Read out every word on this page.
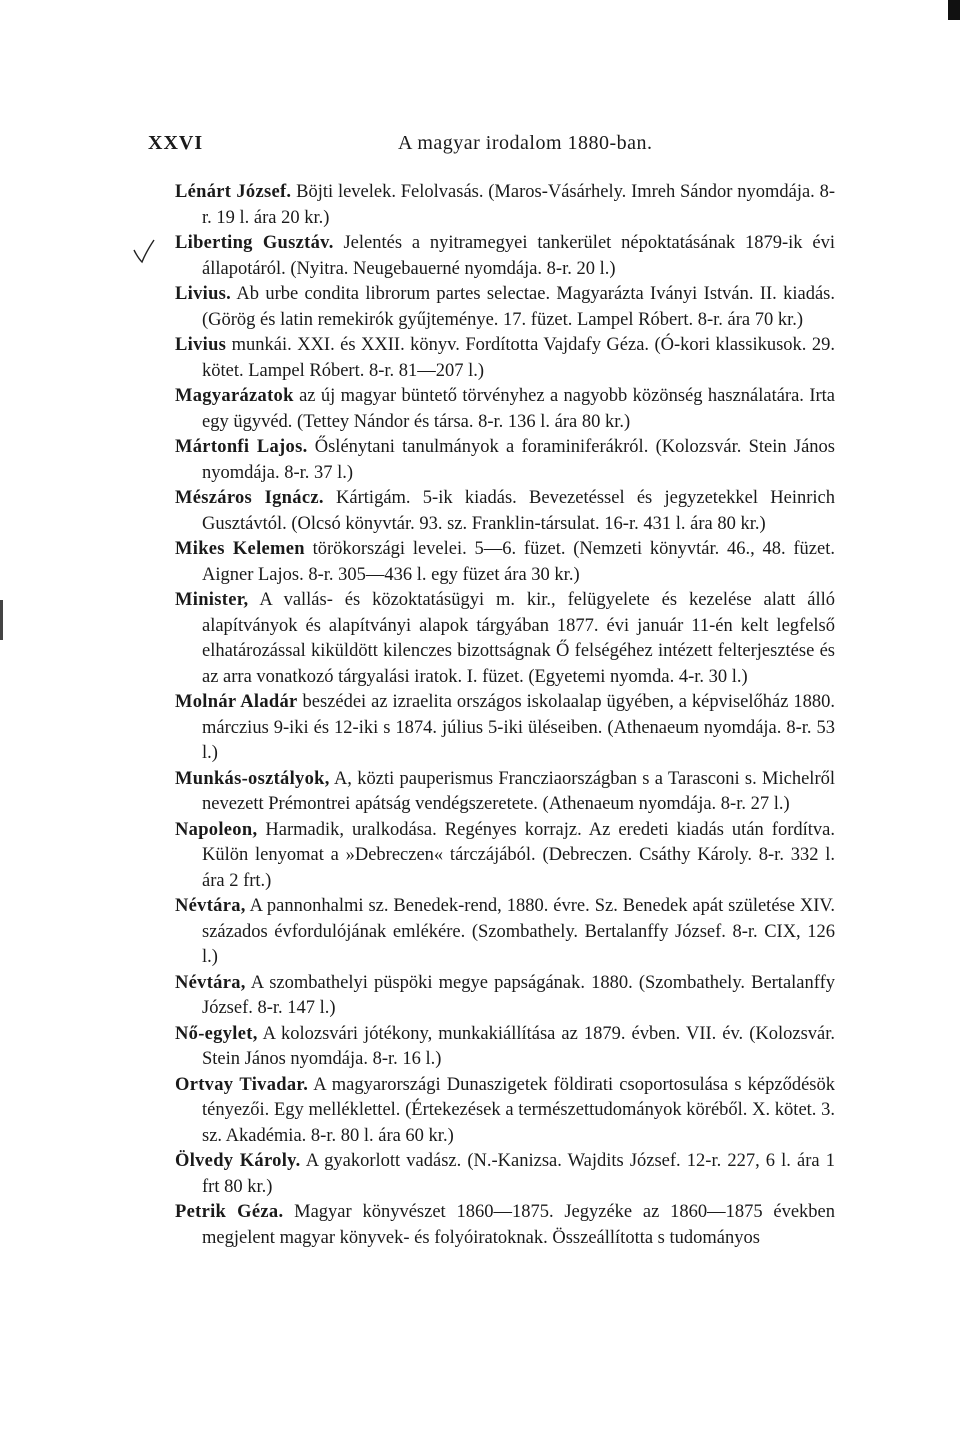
XXVI	A magyar irodalom 1880-ban.

Lénárt József. Böjti levelek. Felolvasás. (Maros-Vásárhely. Imreh Sándor nyomdája. 8-r. 19 l. ára 20 kr.)

Liberting Gusztáv. Jelentés a nyitramegyei tankerület népoktatásának 1879-ik évi állapotáról. (Nyitra. Neugebauerné nyomdája. 8-r. 20 l.)

Livius. Ab urbe condita librorum partes selectae. Magyarázta Iványi István. II. kiadás. (Görög és latin remekirók gyűjteménye. 17. füzet. Lampel Róbert. 8-r. ára 70 kr.)

Livius munkái. XXI. és XXII. könyv. Fordította Vajdafy Géza. (Ó-kori klassikusok. 29. kötet. Lampel Róbert. 8-r. 81—207 l.)

Magyarázatok az új magyar büntető törvényhez a nagyobb közönség használatára. Irta egy ügyvéd. (Tettey Nándor és társa. 8-r. 136 l. ára 80 kr.)

Mártonfi Lajos. Őslénytani tanulmányok a foraminiferákról. (Kolozsvár. Stein János nyomdája. 8-r. 37 l.)

Mészáros Ignácz. Kártigám. 5-ik kiadás. Bevezetéssel és jegyzetekkel Heinrich Gusztávtól. (Olcsó könyvtár. 93. sz. Franklin-társulat. 16-r. 431 l. ára 80 kr.)

Mikes Kelemen törökországi levelei. 5—6. füzet. (Nemzeti könyvtár. 46., 48. füzet. Aigner Lajos. 8-r. 305—436 l. egy füzet ára 30 kr.)

Minister, A vallás- és közoktatásügyi m. kir., felügyelete és kezelése alatt álló alapítványok és alapítványi alapok tárgyában 1877. évi január 11-én kelt legfelső elhatározással kiküldött kilenczes bizottságnak Ő felségéhez intézett felterjesztése és az arra vonatkozó tárgyalási iratok. I. füzet. (Egyetemi nyomda. 4-r. 30 l.)

Molnár Aladár beszédei az izraelita országos iskolaalap ügyében, a képviselőház 1880. márczius 9-iki és 12-iki s 1874. július 5-iki üléseiben. (Athenaeum nyomdája. 8-r. 53 l.)

Munkás-osztályok, A, közti pauperismus Francziaországban s a Tarasconi s. Michelről nevezett Prémontrei apátság vendégszeretete. (Athenaeum nyomdája. 8-r. 27 l.)

Napoleon, Harmadik, uralkodása. Regényes korrajz. Az eredeti kiadás után fordítva. Külön lenyomat a »Debreczen« tárczájából. (Debreczen. Csáthy Károly. 8-r. 332 l. ára 2 frt.)

Névtára, A pannonhalmi sz. Benedek-rend, 1880. évre. Sz. Benedek apát születése XIV. százados évfordulójának emlékére. (Szombathely. Bertalanffy József. 8-r. CIX, 126 l.)

Névtára, A szombathelyi püspöki megye papságának. 1880. (Szombathely. Bertalanffy József. 8-r. 147 l.)

Nő-egylet, A kolozsvári jótékony, munkakiállítása az 1879. évben. VII. év. (Kolozsvár. Stein János nyomdája. 8-r. 16 l.)

Ortvay Tivadar. A magyarországi Dunaszigetek földirati csoportosulása s képződésök tényezői. Egy melléklettel. (Értekezések a természettudományok köréből. X. kötet. 3. sz. Akadémia. 8-r. 80 l. ára 60 kr.)

Ölvedy Károly. A gyakorlott vadász. (N.-Kanizsa. Wajdits József. 12-r. 227, 6 l. ára 1 frt 80 kr.)

Petrik Géza. Magyar könyvészet 1860—1875. Jegyzéke az 1860—1875 években megjelent magyar könyvek- és folyóiratoknak. Összeállította s tudományos
